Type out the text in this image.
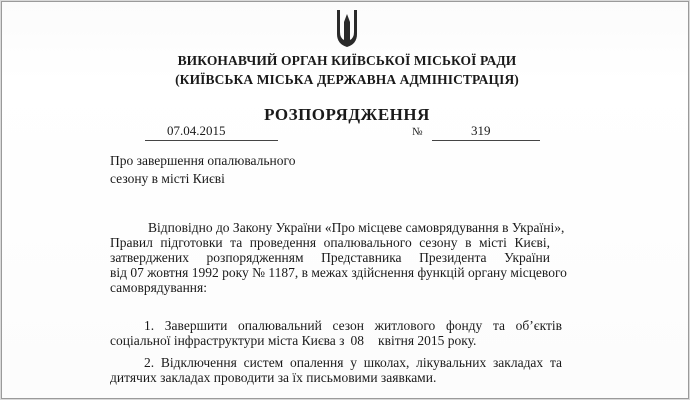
ВИКОНАВЧИЙ ОРГАН КИЇВСЬКОЇ МІСЬКОЇ РАДИ
(КИЇВСЬКА МІСЬКА ДЕРЖАВНА АДМІНІСТРАЦІЯ)
РОЗПОРЯДЖЕННЯ
07.04.2015	№	319
Про завершення опалювального
сезону в місті Києві
Відповідно до Закону України «Про місцеве самоврядування в Україні»,
Правил підготовки та проведення опалювального сезону в місті Києві,
затверджених розпорядженням Представника Президента України
від 07 жовтня 1992 року № 1187, в межах здійснення функцій органу місцевого
самоврядування:
1. Завершити опалювальний сезон житлового фонду та об’єктів
соціальної інфраструктури міста Києва з 08 квітня 2015 року.
2. Відключення систем опалення у школах, лікувальних закладах та
дитячих закладах проводити за їх письмовими заявками.
